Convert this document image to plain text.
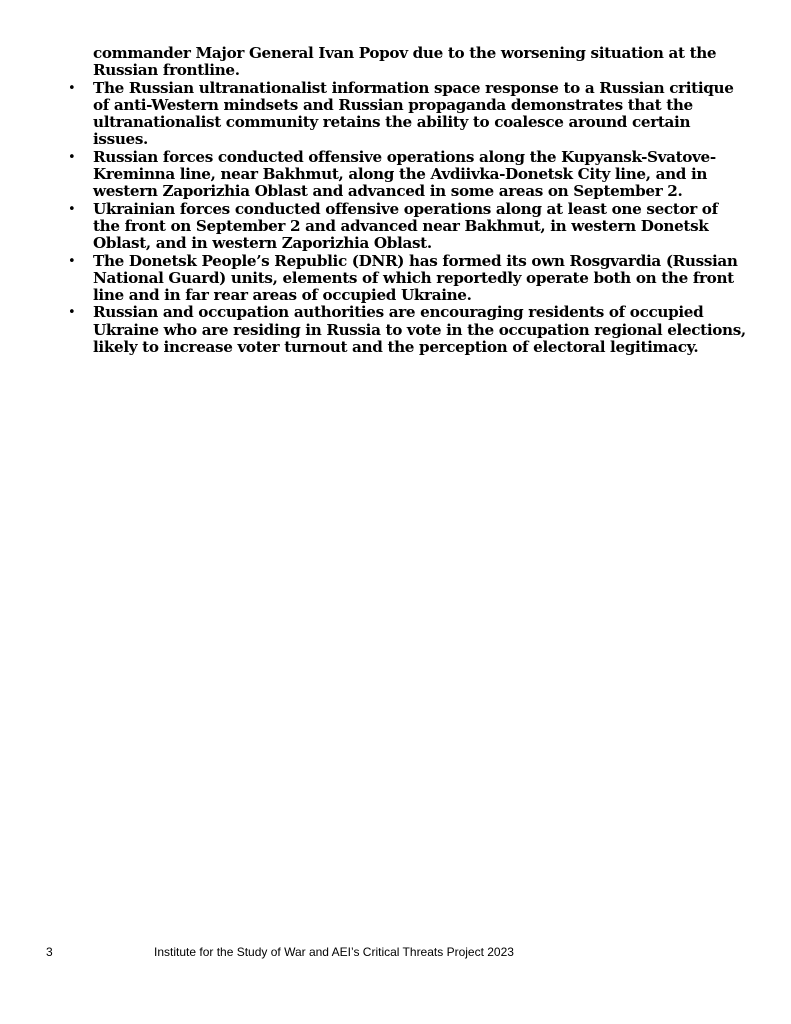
commander Major General Ivan Popov due to the worsening situation at the Russian frontline.
• The Russian ultranationalist information space response to a Russian critique of anti-Western mindsets and Russian propaganda demonstrates that the ultranationalist community retains the ability to coalesce around certain issues.
• Russian forces conducted offensive operations along the Kupyansk-Svatove-Kreminna line, near Bakhmut, along the Avdiivka-Donetsk City line, and in western Zaporizhia Oblast and advanced in some areas on September 2.
• Ukrainian forces conducted offensive operations along at least one sector of the front on September 2 and advanced near Bakhmut, in western Donetsk Oblast, and in western Zaporizhia Oblast.
• The Donetsk People’s Republic (DNR) has formed its own Rosgvardia (Russian National Guard) units, elements of which reportedly operate both on the front line and in far rear areas of occupied Ukraine.
• Russian and occupation authorities are encouraging residents of occupied Ukraine who are residing in Russia to vote in the occupation regional elections, likely to increase voter turnout and the perception of electoral legitimacy.
3	Institute for the Study of War and AEI’s Critical Threats Project 2023
